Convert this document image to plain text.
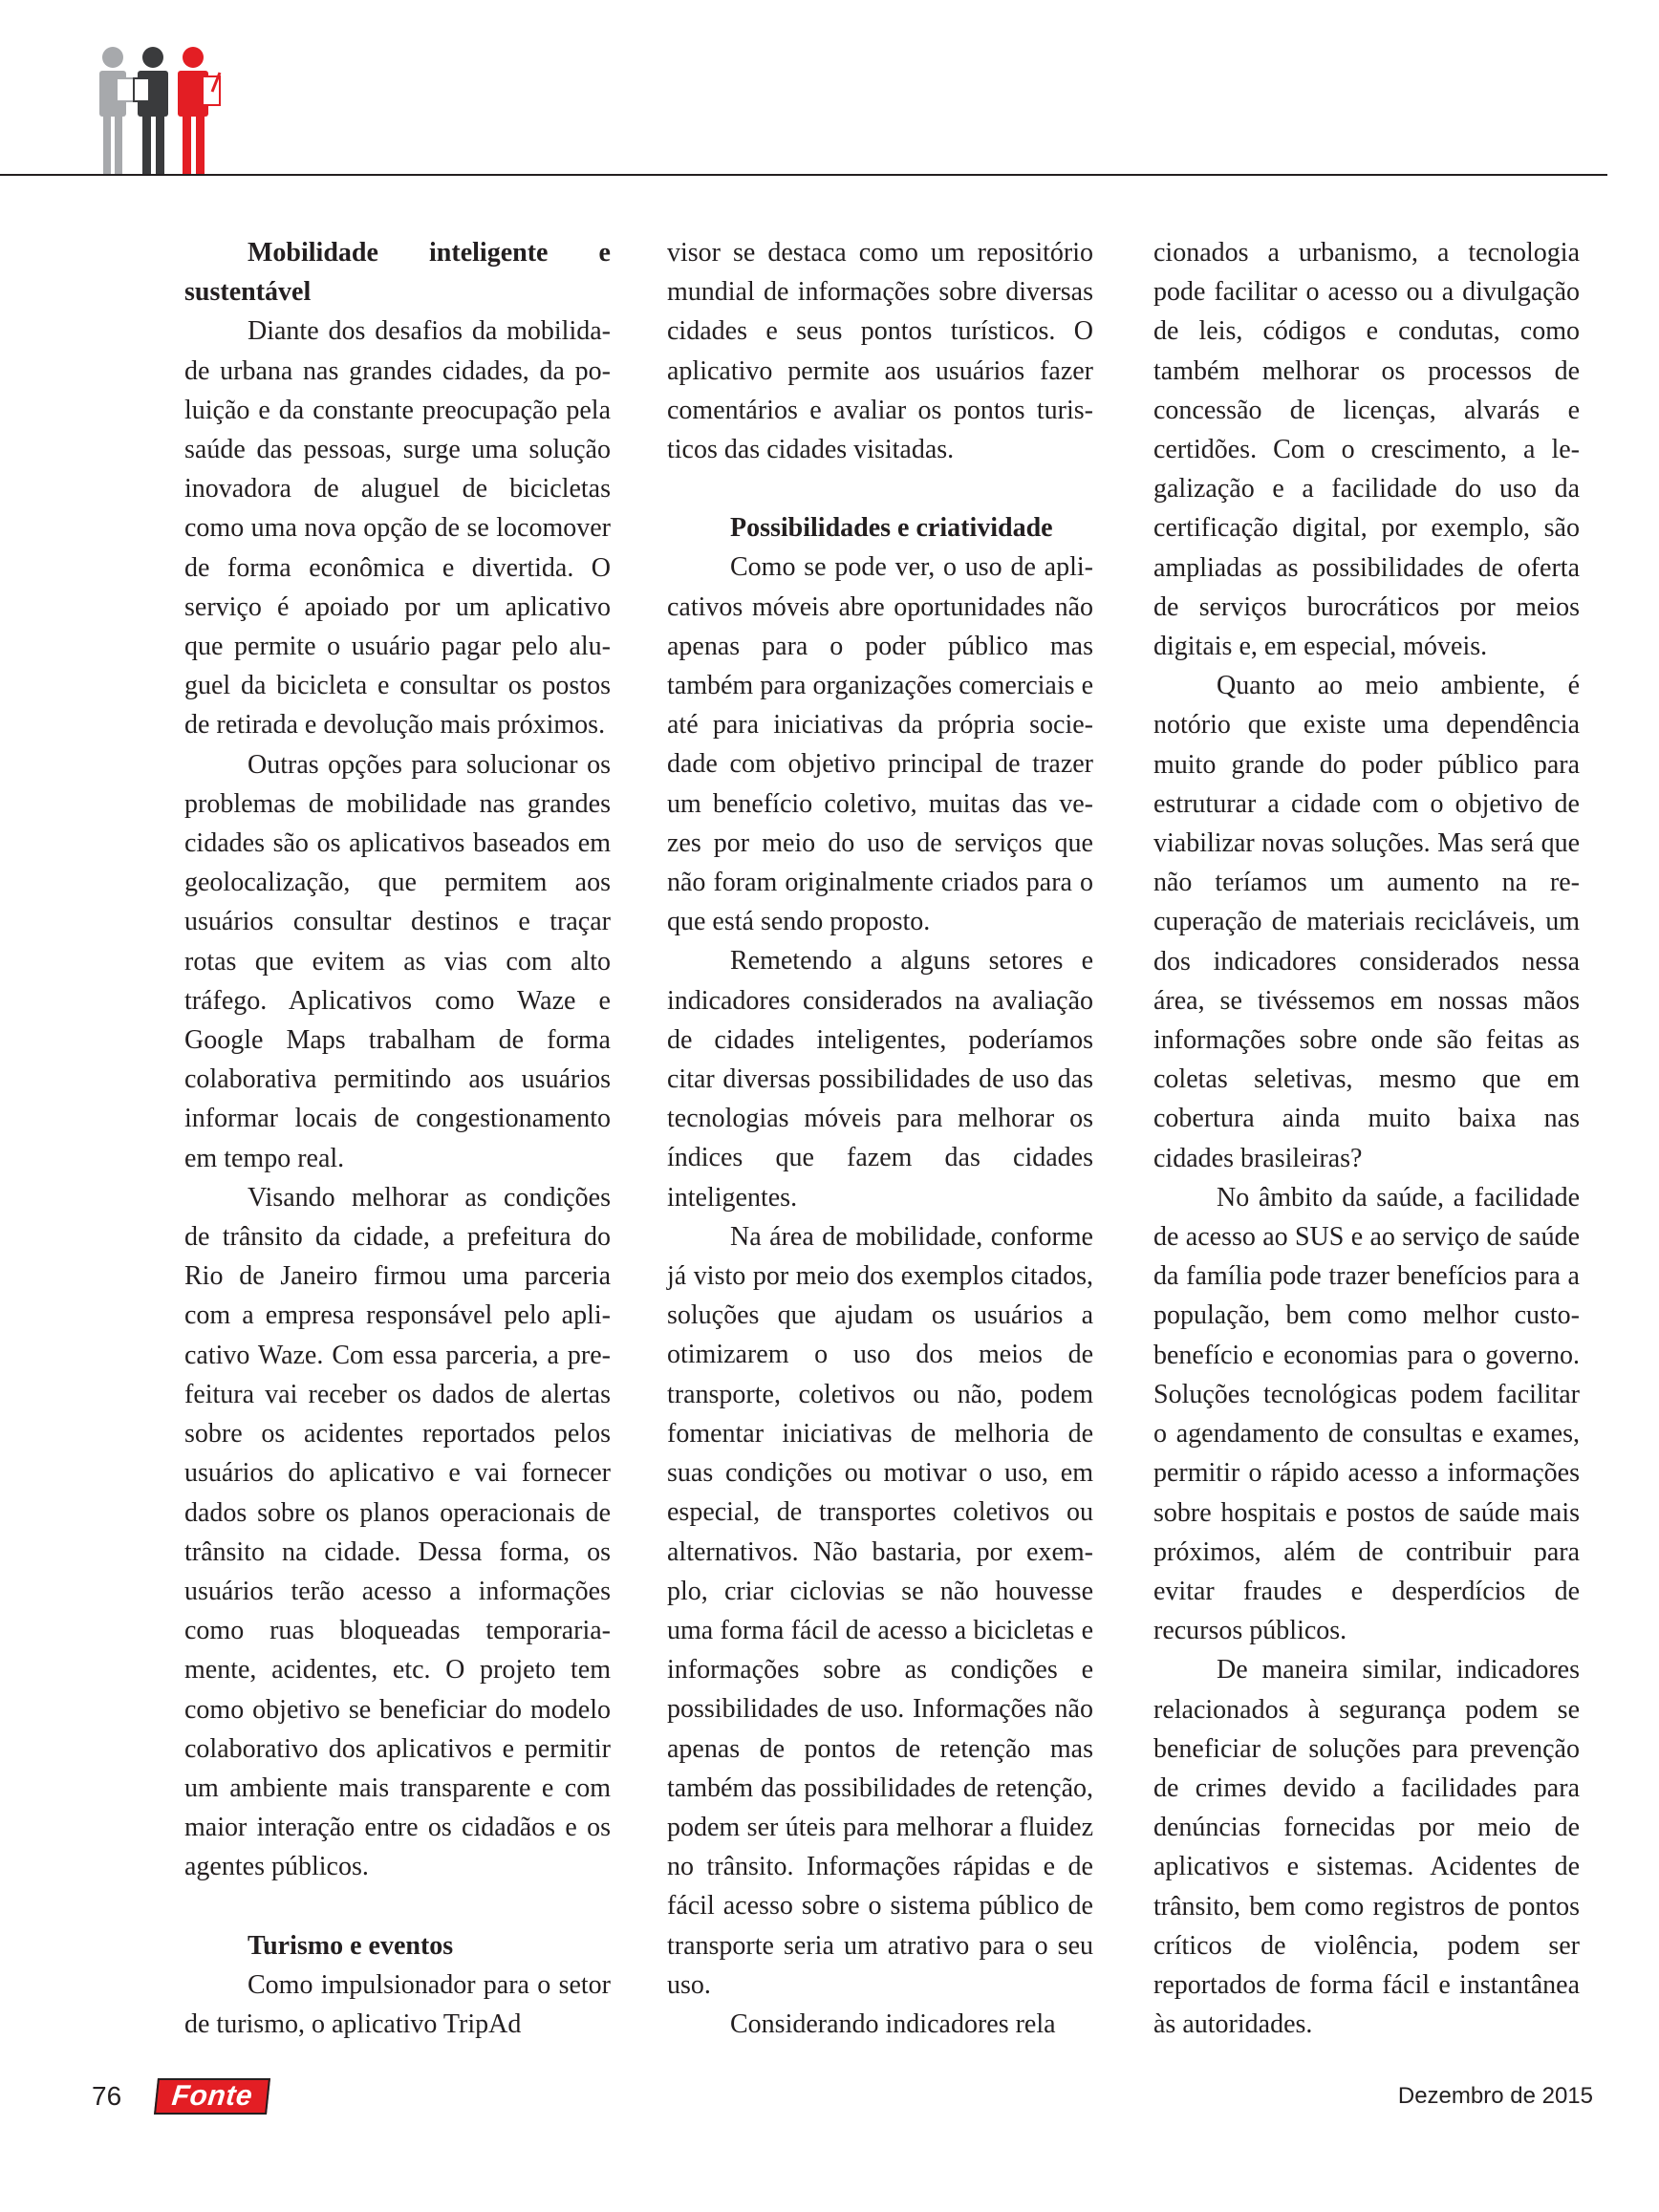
Mobilidade inteligente e sustentável

Diante dos desafios da mobilidade urbana nas grandes cidades, da poluição e da constante preocupação pela saúde das pessoas, surge uma solução inovadora de aluguel de bicicletas como uma nova opção de se locomover de forma econômica e divertida. O serviço é apoiado por um aplicativo que permite o usuário pagar pelo aluguel da bicicleta e consultar os postos de retirada e devolução mais próximos.

Outras opções para solucionar os problemas de mobilidade nas grandes cidades são os aplicativos baseados em geolocalização, que permitem aos usuários consultar destinos e traçar rotas que evitem as vias com alto tráfego. Aplicativos como Waze e Google Maps trabalham de forma colaborativa permitindo aos usuários informar locais de congestionamento em tempo real.

Visando melhorar as condições de trânsito da cidade, a prefeitura do Rio de Janeiro firmou uma parceria com a empresa responsável pelo aplicativo Waze. Com essa parceria, a prefeitura vai receber os dados de alertas sobre os acidentes reportados pelos usuários do aplicativo e vai fornecer dados sobre os planos operacionais de trânsito na cidade. Dessa forma, os usuários terão acesso a informações como ruas bloqueadas temporariamente, acidentes, etc. O projeto tem como objetivo se beneficiar do modelo colaborativo dos aplicativos e permitir um ambiente mais transparente e com maior interação entre os cidadãos e os agentes públicos.

Turismo e eventos

Como impulsionador para o setor de turismo, o aplicativo TripAd

visor se destaca como um repositório mundial de informações sobre diversas cidades e seus pontos turísticos. O aplicativo permite aos usuários fazer comentários e avaliar os pontos turisticos das cidades visitadas.

Possibilidades e criatividade

Como se pode ver, o uso de aplicativos móveis abre oportunidades não apenas para o poder público mas também para organizações comerciais e até para iniciativas da própria sociedade com objetivo principal de trazer um benefício coletivo, muitas das vezes por meio do uso de serviços que não foram originalmente criados para o que está sendo proposto.

Remetendo a alguns setores e indicadores considerados na avaliação de cidades inteligentes, poderíamos citar diversas possibilidades de uso das tecnologias móveis para melhorar os índices que fazem das cidades inteligentes.

Na área de mobilidade, conforme já visto por meio dos exemplos citados, soluções que ajudam os usuários a otimizarem o uso dos meios de transporte, coletivos ou não, podem fomentar iniciativas de melhoria de suas condições ou motivar o uso, em especial, de transportes coletivos ou alternativos. Não bastaria, por exemplo, criar ciclovias se não houvesse uma forma fácil de acesso a biciclеtas e informações sobre as condições e possibilidades de uso. Informações não apenas de pontos de retenção mas também das possibilidades de retenção, podem ser úteis para melhorar a fluidez no trânsito. Informações rápidas e de fácil acesso sobre o sistema público de transporte seria um atrativo para o seu uso.

Considerando indicadores rela

cionados a urbanismo, a tecnologia pode facilitar o acesso ou a divulgação de leis, códigos e condutas, como também melhorar os processos de concessão de licenças, alvarás e certidões. Com o crescimento, a legalização e a facilidade do uso da certificação digital, por exemplo, são ampliadas as possibilidades de oferta de serviços burocráticos por meios digitais e, em especial, móveis.

Quanto ao meio ambiente, é notório que existe uma dependência muito grande do poder público para estruturar a cidade com o objetivo de viabilizar novas soluções. Mas será que não teríamos um aumento na recuperação de materiais recicláveis, um dos indicadores considerados nessa área, se tivéssemos em nossas mãos informações sobre onde são feitas as coletas seletivas, mesmo que em cobertura ainda muito baixa nas cidades brasileiras?

No âmbito da saúde, a facilidade de acesso ao SUS e ao serviço de saúde da família pode trazer benefícios para a população, bem como melhor custo-benefício e economias para o governo. Soluções tecnológicas podem facilitar o agendamento de consultas e exames, permitir o rápido acesso a informações sobre hospitais e postos de saúde mais próximos, além de contribuir para evitar fraudes e desperdícios de recursos públicos.

De maneira similar, indicadores relacionados à segurança podem se beneficiar de soluções para prevenção de crimes devido a facilidades para denúncias fornecidas por meio de aplicativos e sistemas. Acidentes de trânsito, bem como registros de pontos críticos de violência, podem ser reportados de forma fácil e instantânea às autoridades.

76	Fonte	Dezembro de 2015
